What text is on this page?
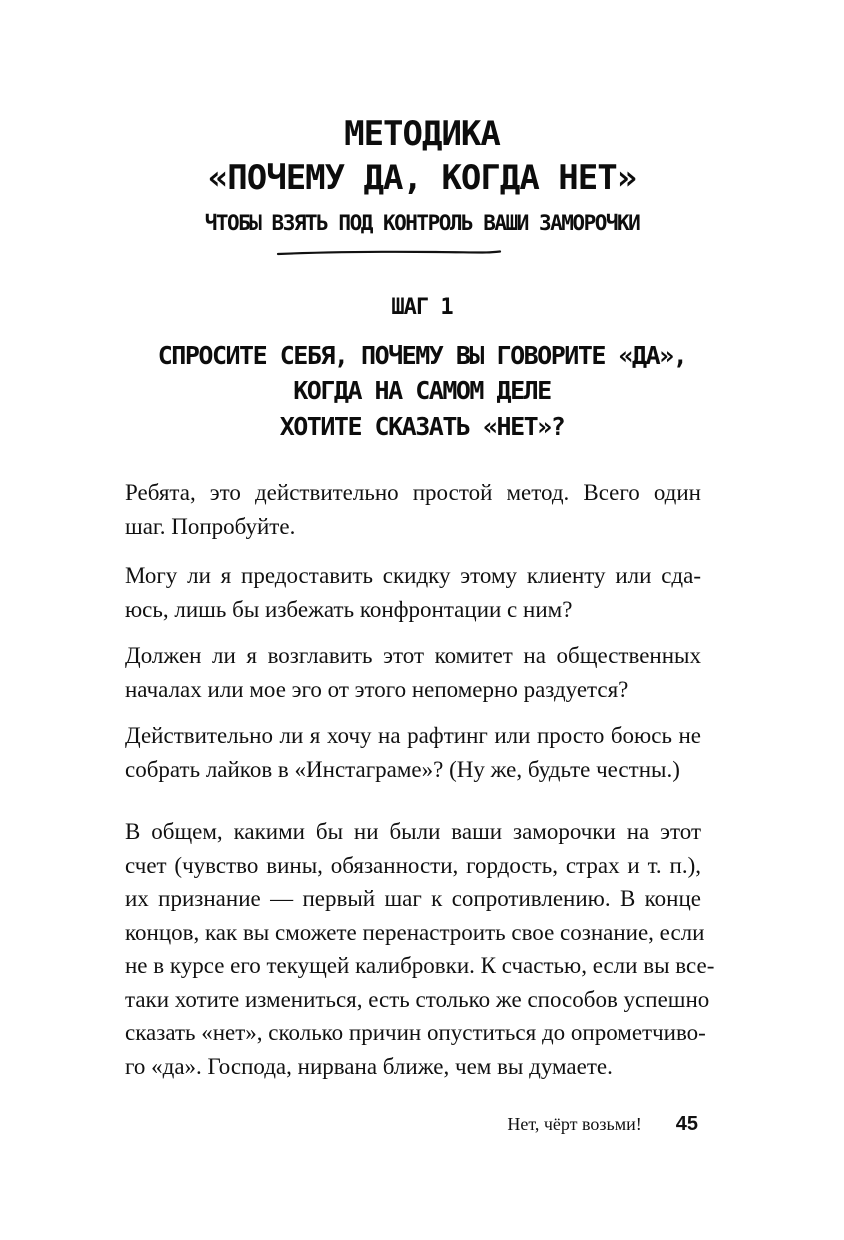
МЕТОДИКА
«ПОЧЕМУ ДА, КОГДА НЕТ»
ЧТОБЫ ВЗЯТЬ ПОД КОНТРОЛЬ ВАШИ ЗАМОРОЧКИ
ШАГ 1
СПРОСИТЕ СЕБЯ, ПОЧЕМУ ВЫ ГОВОРИТЕ «ДА»,
КОГДА НА САМОМ ДЕЛЕ
ХОТИТЕ СКАЗАТЬ «НЕТ»?
Ребята, это действительно простой метод. Всего один
шаг. Попробуйте.
Могу ли я предоставить скидку этому клиенту или сда-
юсь, лишь бы избежать конфронтации с ним?
Должен ли я возглавить этот комитет на общественных
началах или мое эго от этого непомерно раздуется?
Действительно ли я хочу на рафтинг или просто боюсь не
собрать лайков в «Инстаграме»? (Ну же, будьте честны.)
В общем, какими бы ни были ваши заморочки на этот
счет (чувство вины, обязанности, гордость, страх и т. п.),
их признание — первый шаг к сопротивлению. В конце
концов, как вы сможете перенастроить свое сознание, если
не в курсе его текущей калибровки. К счастью, если вы все-
таки хотите измениться, есть столько же способов успешно
сказать «нет», сколько причин опуститься до опрометчиво-
го «да». Господа, нирвана ближе, чем вы думаете.
Нет, чёрт возьми! 45
